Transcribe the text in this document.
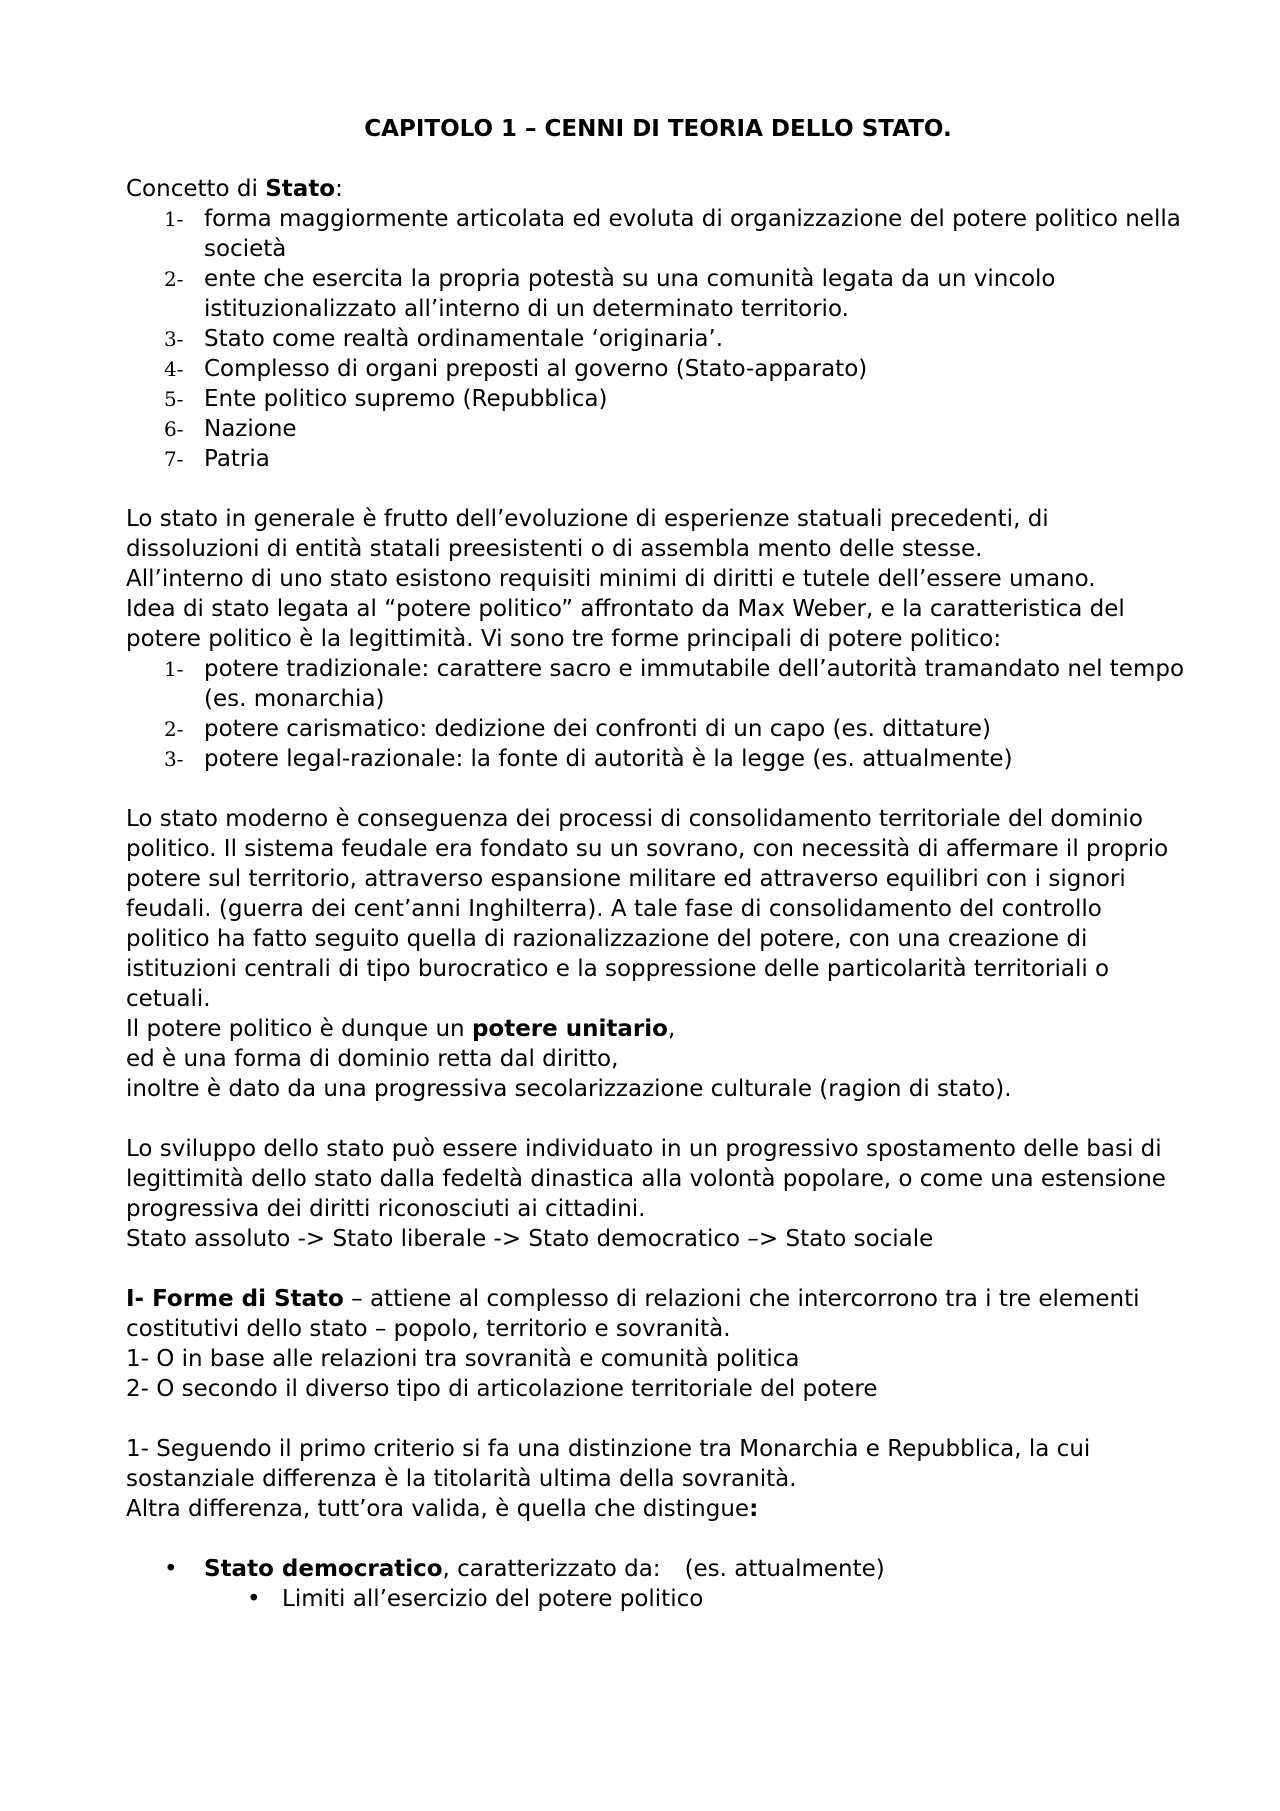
CAPITOLO 1 – CENNI DI TEORIA DELLO STATO.

Concetto di Stato:

1- forma maggiormente articolata ed evoluta di organizzazione del potere politico nella società
2- ente che esercita la propria potestà su una comunità legata da un vincolo istituzionalizzato all’interno di un determinato territorio.
3- Stato come realtà ordinamentale ‘originaria’.
4- Complesso di organi preposti al governo (Stato-apparato)
5- Ente politico supremo (Repubblica)
6- Nazione
7- Patria

Lo stato in generale è frutto dell’evoluzione di esperienze statuali precedenti, di dissoluzioni di entità statali preesistenti o di assembla mento delle stesse.

All’interno di uno stato esistono requisiti minimi di diritti e tutele dell’essere umano.

Idea di stato legata al “potere politico” affrontato da Max Weber, e la caratteristica del potere politico è la legittimità. Vi sono tre forme principali di potere politico:

1- potere tradizionale: carattere sacro e immutabile dell’autorità tramandato nel tempo (es. monarchia)
2- potere carismatico: dedizione dei confronti di un capo (es. dittature)
3- potere legal-razionale: la fonte di autorità è la legge (es. attualmente)

Lo stato moderno è conseguenza dei processi di consolidamento territoriale del dominio politico. Il sistema feudale era fondato su un sovrano, con necessità di affermare il proprio potere sul territorio, attraverso espansione militare ed attraverso equilibri con i signori feudali. (guerra dei cent’anni Inghilterra). A tale fase di consolidamento del controllo politico ha fatto seguito quella di razionalizzazione del potere, con una creazione di istituzioni centrali di tipo burocratico e la soppressione delle particolarità territoriali o cetuali.

Il potere politico è dunque un potere unitario,

ed è una forma di dominio retta dal diritto,

inoltre è dato da una progressiva secolarizzazione culturale (ragion di stato).

Lo sviluppo dello stato può essere individuato in un progressivo spostamento delle basi di legittimità dello stato dalla fedeltà dinastica alla volontà popolare, o come una estensione progressiva dei diritti riconosciuti ai cittadini.

Stato assoluto -> Stato liberale -> Stato democratico –> Stato sociale

I- Forme di Stato – attiene al complesso di relazioni che intercorrono tra i tre elementi costitutivi dello stato – popolo, territorio e sovranità.

1- O in base alle relazioni tra sovranità e comunità politica

2- O secondo il diverso tipo di articolazione territoriale del potere

1- Seguendo il primo criterio si fa una distinzione tra Monarchia e Repubblica, la cui sostanziale differenza è la titolarità ultima della sovranità.

Altra differenza, tutt’ora valida, è quella che distingue:

• Stato democratico, caratterizzato da: (es. attualmente)
• Limiti all’esercizio del potere politico
